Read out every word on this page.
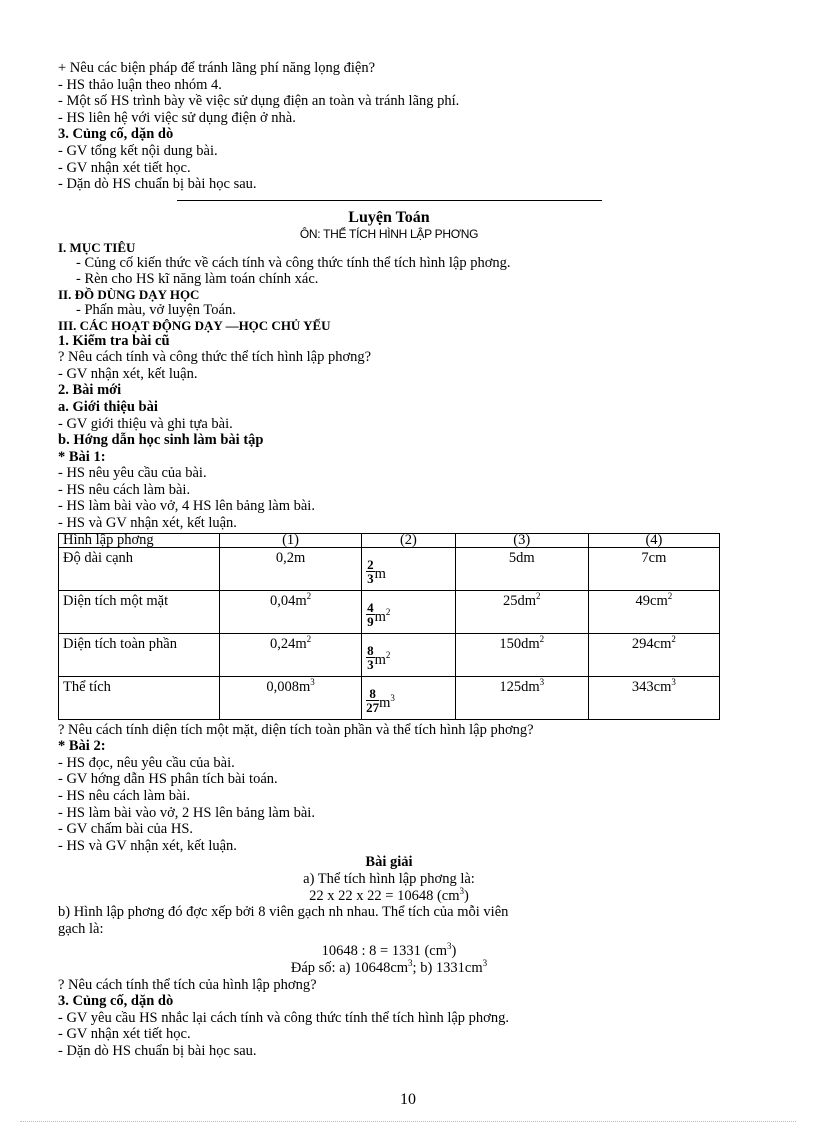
+ Nêu các biện pháp để tránh lãng phí năng lọng điện?
- HS thảo luận theo nhóm 4.
- Một số HS trình bày về việc sử dụng điện an toàn và tránh lãng phí.
- HS liên hệ với việc sử dụng điện ở nhà.
3. Củng cố, dặn dò
- GV tổng kết nội dung bài.
- GV nhận xét tiết học.
- Dặn dò HS chuẩn bị bài học sau.
Luyện Toán
ÔN: THỂ TÍCH HÌNH LẬP PHƠNG
I. MỤC TIÊU
- Củng cố kiến thức về cách tính và công thức tính thể tích hình lập phơng.
- Rèn cho HS kĩ năng làm toán chính xác.
II. ĐỒ DÙNG DẠY HỌC
- Phấn màu, vở luyện Toán.
III. CÁC HOẠT ĐỘNG DẠY —HỌC CHỦ YẾU
1. Kiểm tra bài cũ
? Nêu cách tính và công thức thể tích hình lập phơng?
- GV nhận xét, kết luận.
2. Bài mới
a. Giới thiệu bài
- GV giới thiệu và ghi tựa bài.
b. Hớng dẫn học sinh làm bài tập
* Bài 1:
- HS nêu yêu cầu của bài.
- HS nêu cách làm bài.
- HS làm bài vào vở, 4 HS lên bảng làm bài.
- HS và GV nhận xét, kết luận.
Hình lập phơng	(1)	(2)	(3)	(4)
Độ dài cạnh	0,2m	$\frac{2}{3}$ m	5dm	7cm
Diện tích một mặt	$0,04m^2$	$\frac{4}{9} m^2$	$25dm^2$	$49cm^2$
Diện tích toàn phần	$0,24m^2$	$\frac{8}{3} m^2$	$150dm^2$	$294cm^2$
Thể tích	$0,008m^3$	$\frac{8}{27} m^3$	$125dm^3$	$343cm^3$
? Nêu cách tính diện tích một mặt, diện tích toàn phần và thể tích hình lập phơng?
* Bài 2:
- HS đọc, nêu yêu cầu của bài.
- GV hớng dẫn HS phân tích bài toán.
- HS nêu cách làm bài.
- HS làm bài vào vở, 2 HS lên bảng làm bài.
- GV chấm bài của HS.
- HS và GV nhận xét, kết luận.
Bài giải
a) Thể tích hình lập phơng là:
22 x 22 x 22 = 10648 $(cm^3)$
b) Hình lập phơng đó đợc xếp bởi 8 viên gạch nh nhau. Thể tích của mỗi viên
gạch là:
10648 : 8 = 1331 $(cm^3)$
Đáp số: a) $10648cm^3$; b) $1331cm^3$
? Nêu cách tính thể tích của hình lập phơng?
3. Củng cố, dặn dò
- GV yêu cầu HS nhắc lại cách tính và công thức tính thể tích hình lập phơng.
- GV nhận xét tiết học.
- Dặn dò HS chuẩn bị bài học sau.
10
